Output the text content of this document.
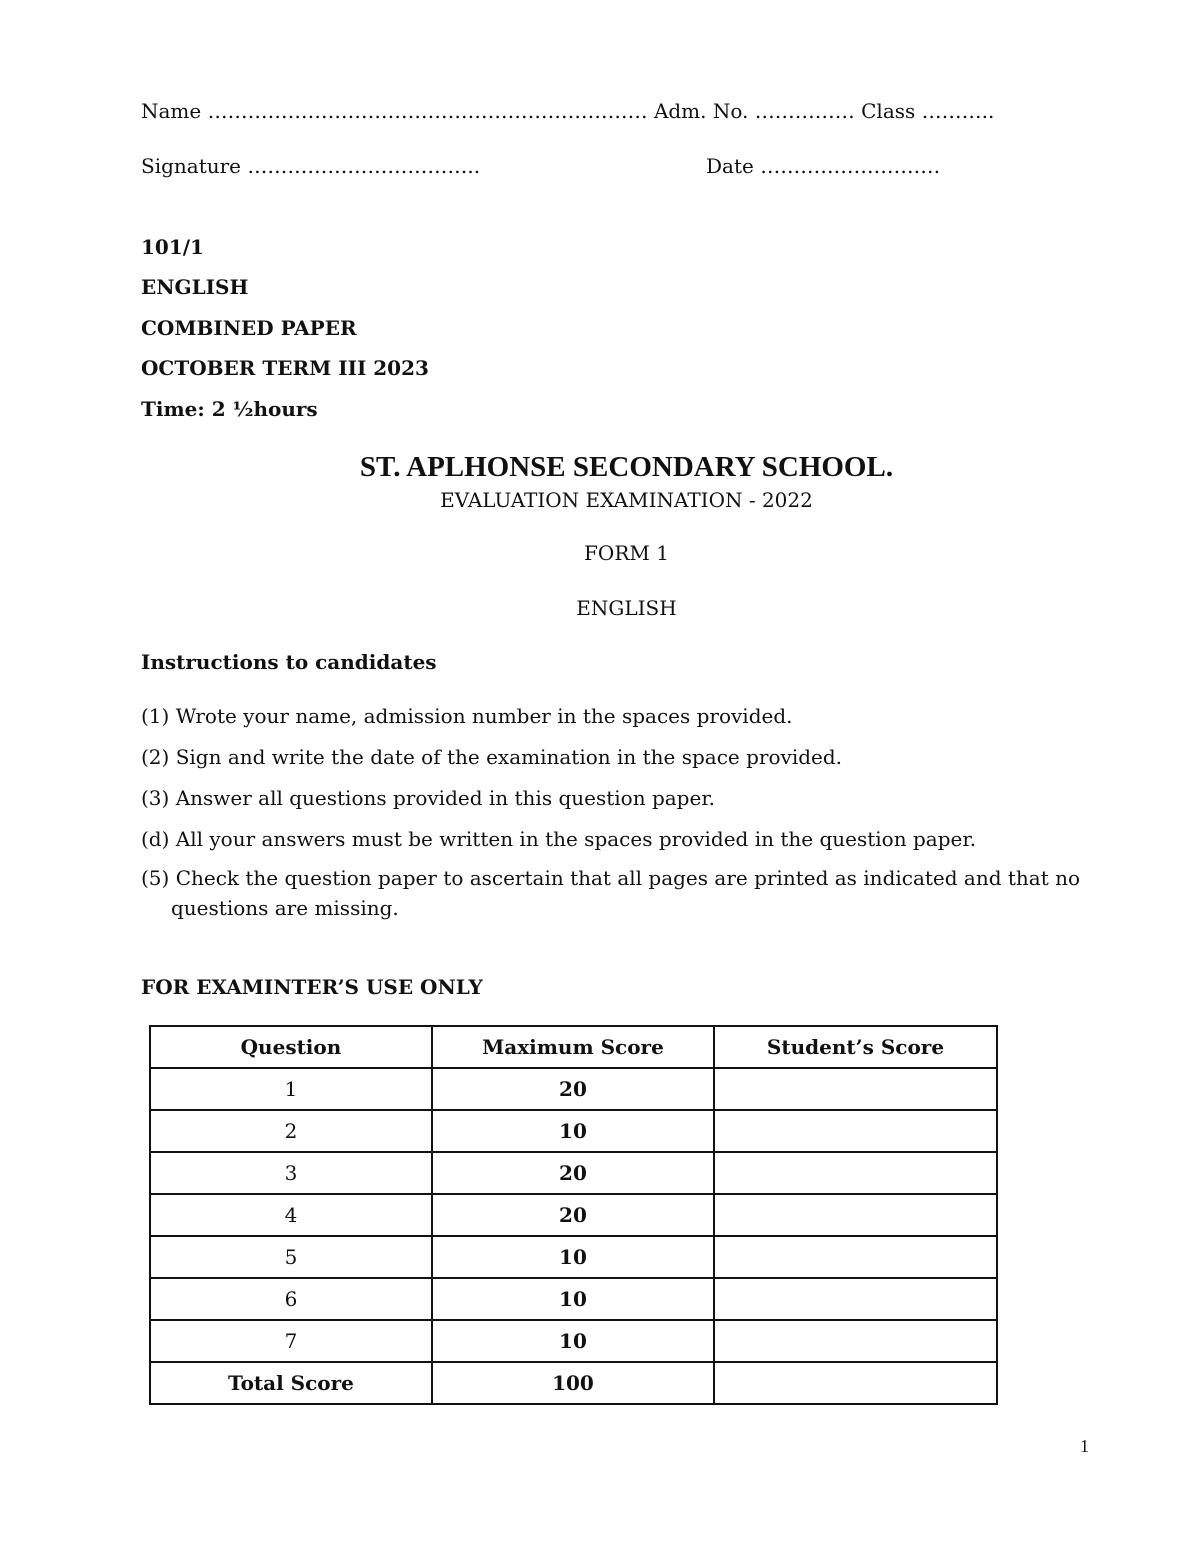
Name ………………………………………………………… Adm. No. …………… Class ………..
Signature ……………………………..	Date ………………………
101/1
ENGLISH
COMBINED PAPER
OCTOBER TERM III 2023
Time: 2 ½hours
ST. APLHONSE SECONDARY SCHOOL.
EVALUATION EXAMINATION - 2022
FORM 1
ENGLISH
Instructions to candidates
(1) Wrote your name, admission number in the spaces provided.
(2) Sign and write the date of the examination in the space provided.
(3) Answer all questions provided in this question paper.
(d) All your answers must be written in the spaces provided in the question paper.
(5) Check the question paper to ascertain that all pages are printed as indicated and that no
questions are missing.
FOR EXAMINTER’S USE ONLY
Question	Maximum Score	Student’s Score
1	20	
2	10	
3	20	
4	20	
5	10	
6	10	
7	10	
Total Score	100	
1
